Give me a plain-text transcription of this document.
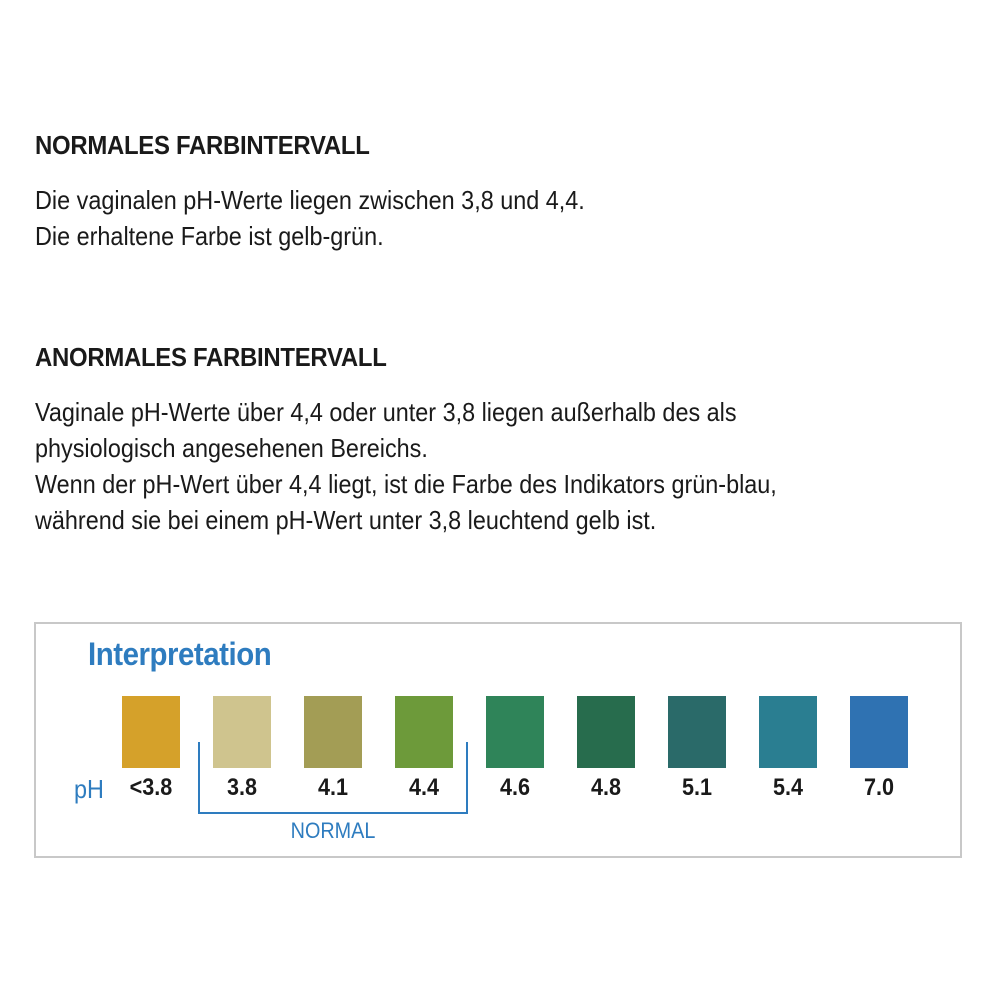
NORMALES FARBINTERVALL

Die vaginalen pH-Werte liegen zwischen 3,8 und 4,4.
Die erhaltene Farbe ist gelb-grün.

ANORMALES FARBINTERVALL

Vaginale pH-Werte über 4,4 oder unter 3,8 liegen außerhalb des als
physiologisch angesehenen Bereichs.
Wenn der pH-Wert über 4,4 liegt, ist die Farbe des Indikators grün-blau,
während sie bei einem pH-Wert unter 3,8 leuchtend gelb ist.

Interpretation
pH	<3.8	3.8	4.1	4.4	4.6	4.8	5.1	5.4	7.0
NORMAL
